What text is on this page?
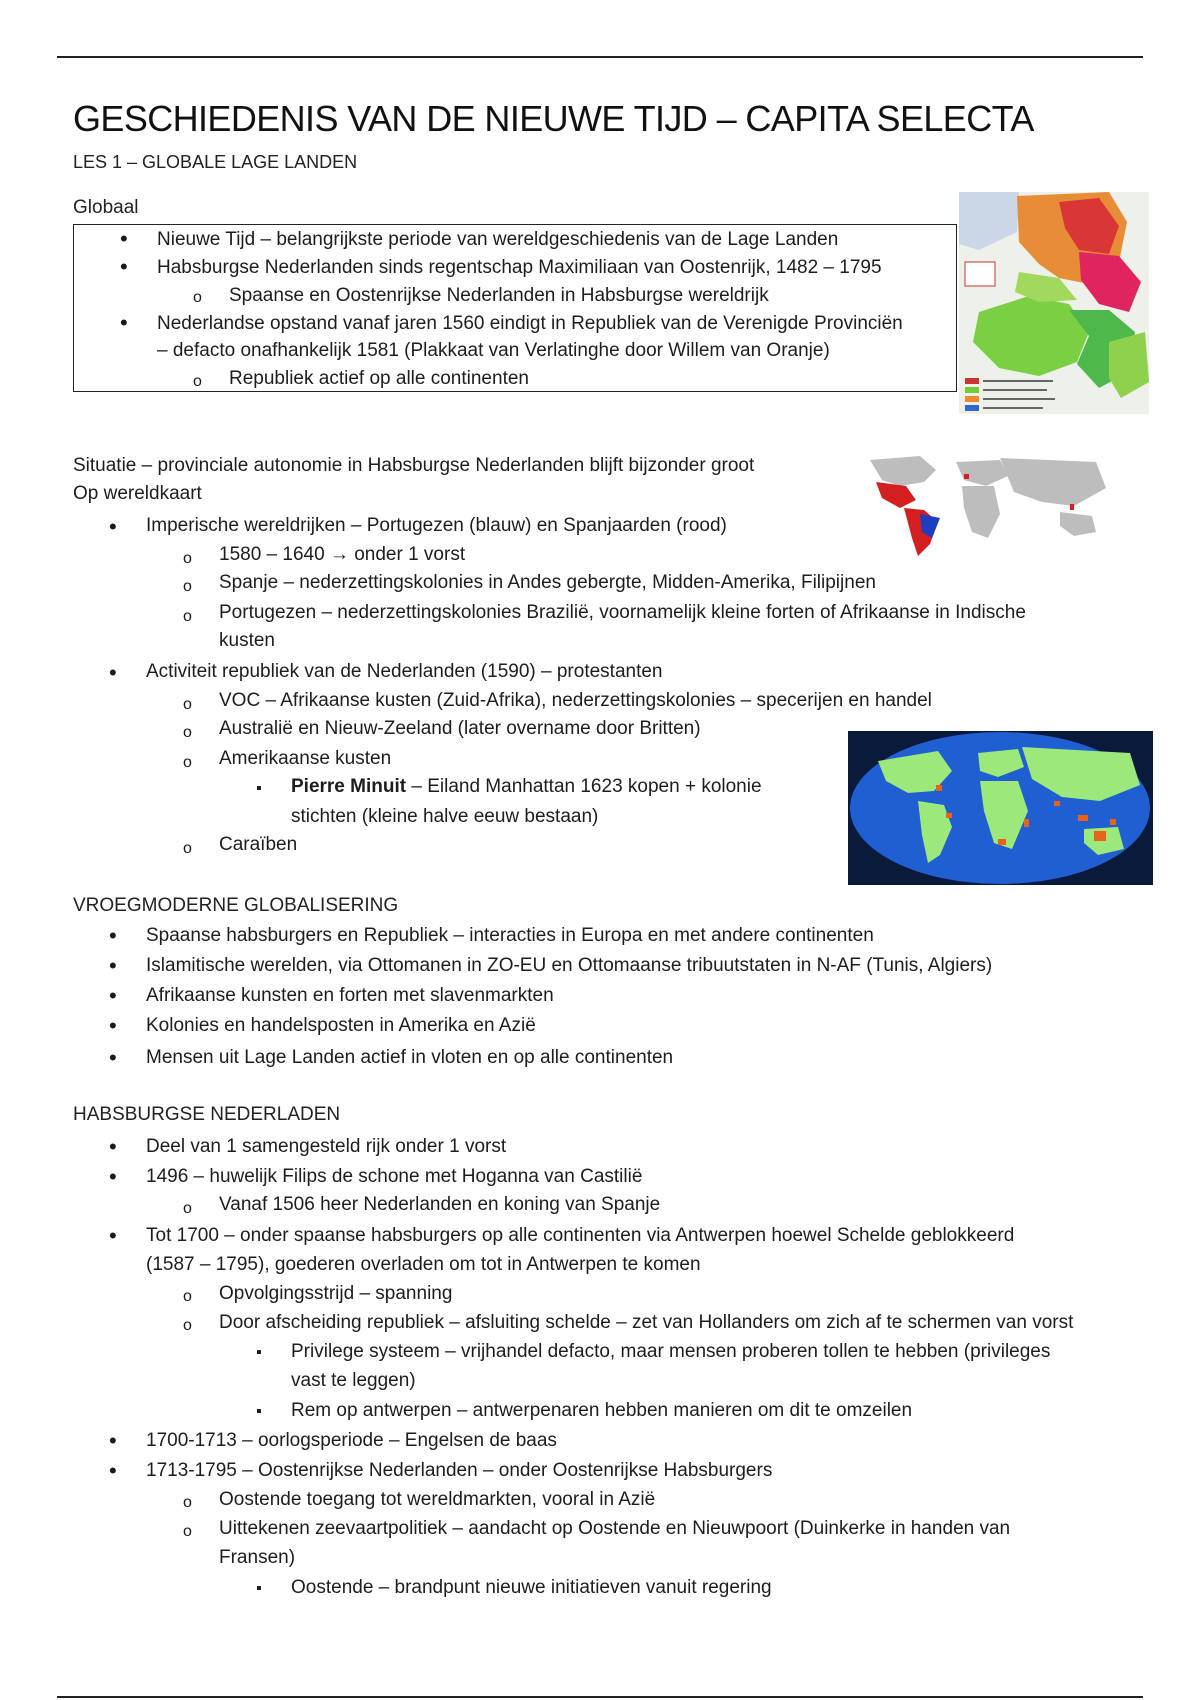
GESCHIEDENIS VAN DE NIEUWE TIJD – CAPITA SELECTA
LES 1 – GLOBALE LAGE LANDEN
Globaal
•
Nieuwe Tijd – belangrijkste periode van wereldgeschiedenis van de Lage Landen
•
Habsburgse Nederlanden sinds regentschap Maximiliaan van Oostenrijk, 1482 – 1795
o
Spaanse en Oostenrijkse Nederlanden in Habsburgse wereldrijk
•
Nederlandse opstand vanaf jaren 1560 eindigt in Republiek van de Verenigde Provinciën
– defacto onafhankelijk 1581 (Plakkaat van Verlatinghe door Willem van Oranje)
o
Republiek actief op alle continenten
Situatie – provinciale autonomie in Habsburgse Nederlanden blijft bijzonder groot
Op wereldkaart
•
Imperische wereldrijken – Portugezen (blauw) en Spanjaarden (rood)
o
1580 – 1640 → onder 1 vorst
o
Spanje – nederzettingskolonies in Andes gebergte, Midden-Amerika, Filipijnen
o
Portugezen – nederzettingskolonies Brazilië, voornamelijk kleine forten of Afrikaanse in Indische
kusten
•
Activiteit republiek van de Nederlanden (1590) – protestanten
o
VOC – Afrikaanse kusten (Zuid-Afrika), nederzettingskolonies – specerijen en handel
o
Australië en Nieuw-Zeeland (later overname door Britten)
o
Amerikaanse kusten
▪
Pierre Minuit – Eiland Manhattan 1623 kopen + kolonie
stichten (kleine halve eeuw bestaan)
o
Caraïben
VROEGMODERNE GLOBALISERING
•
Spaanse habsburgers en Republiek – interacties in Europa en met andere continenten
•
Islamitische werelden, via Ottomanen in ZO-EU en Ottomaanse tribuutstaten in N-AF (Tunis, Algiers)
•
Afrikaanse kunsten en forten met slavenmarkten
•
Kolonies en handelsposten in Amerika en Azië
•
Mensen uit Lage Landen actief in vloten en op alle continenten
HABSBURGSE NEDERLADEN
•
Deel van 1 samengesteld rijk onder 1 vorst
•
1496 – huwelijk Filips de schone met Hoganna van Castilië
o
Vanaf 1506 heer Nederlanden en koning van Spanje
•
Tot 1700 – onder spaanse habsburgers op alle continenten via Antwerpen hoewel Schelde geblokkeerd
(1587 – 1795), goederen overladen om tot in Antwerpen te komen
o
Opvolgingsstrijd – spanning
o
Door afscheiding republiek – afsluiting schelde – zet van Hollanders om zich af te schermen van vorst
▪
Privilege systeem – vrijhandel defacto, maar mensen proberen tollen te hebben (privileges
vast te leggen)
▪
Rem op antwerpen – antwerpenaren hebben manieren om dit te omzeilen
•
1700-1713 – oorlogsperiode – Engelsen de baas
•
1713-1795 – Oostenrijkse Nederlanden – onder Oostenrijkse Habsburgers
o
Oostende toegang tot wereldmarkten, vooral in Azië
o
Uittekenen zeevaartpolitiek – aandacht op Oostende en Nieuwpoort (Duinkerke in handen van
Fransen)
▪
Oostende – brandpunt nieuwe initiatieven vanuit regering
